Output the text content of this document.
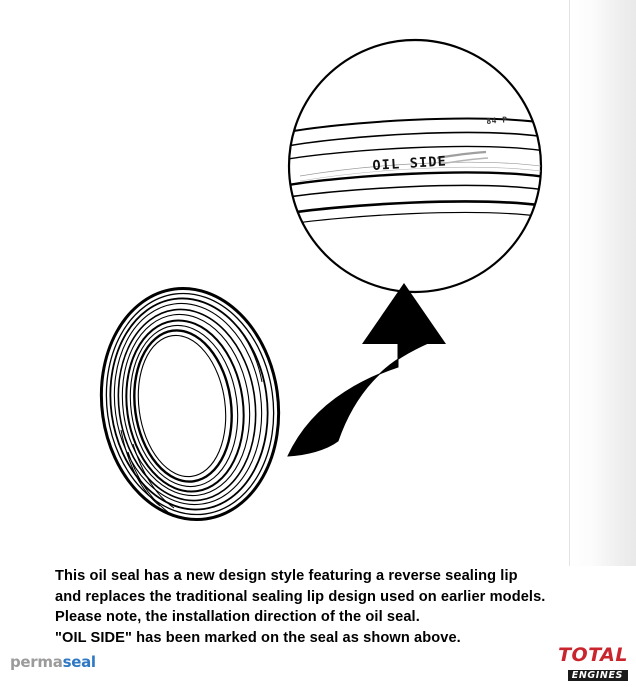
OIL SIDE
84 P
This oil seal has a new design style featuring a reverse sealing lip
and replaces the traditional sealing lip design used on earlier models.
Please note, the installation direction of the oil seal.
"OIL SIDE" has been marked on the seal as shown above.
permaseal	TOTAL
ENGINES
